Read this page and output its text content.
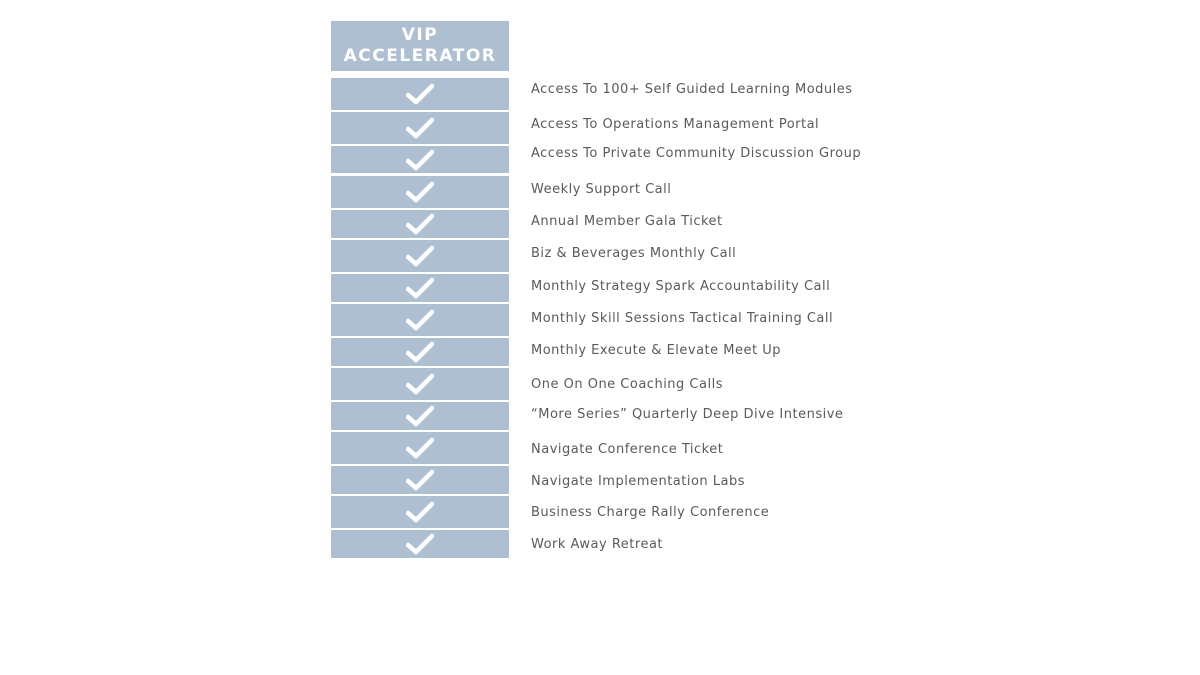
VIP
ACCELERATOR
Access To 100+ Self Guided Learning Modules
Access To Operations Management Portal
Access To Private Community Discussion Group
Weekly Support Call
Annual Member Gala Ticket
Biz & Beverages Monthly Call
Monthly Strategy Spark Accountability Call
Monthly Skill Sessions Tactical Training Call
Monthly Execute & Elevate Meet Up
One On One Coaching Calls
“More Series” Quarterly Deep Dive Intensive
Navigate Conference Ticket
Navigate Implementation Labs
Business Charge Rally Conference
Work Away Retreat
